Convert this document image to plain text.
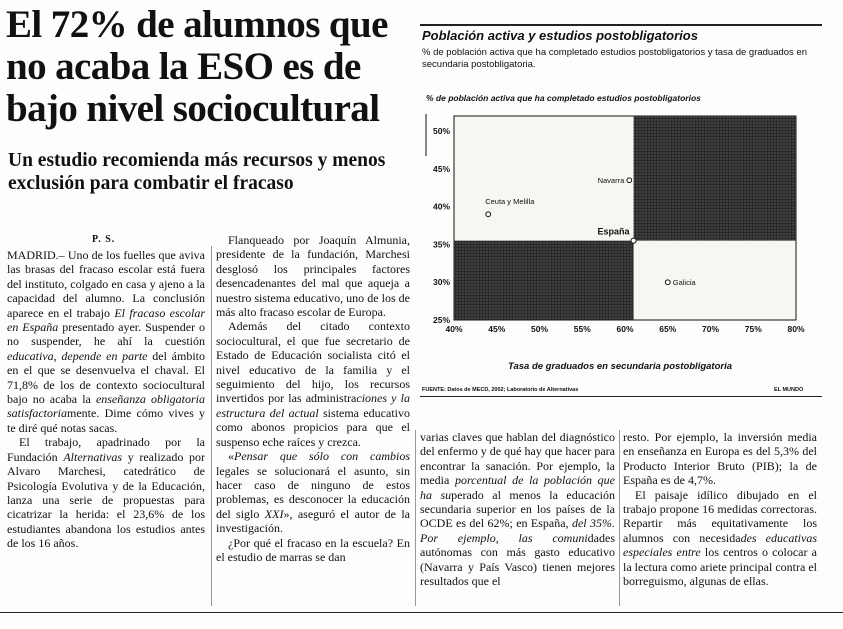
El 72% de alumnos que no acaba la ESO es de bajo nivel sociocultural
Un estudio recomienda más recursos y menos exclusión para combatir el fracaso
P. S.

MADRID.– Uno de los fuelles que aviva las brasas del fracaso escolar está fuera del instituto, colgado en casa y ajeno a la capacidad del alumno. La conclusión aparece en el trabajo El fracaso escolar en España presentado ayer. Suspender o no suspender, he ahí la cuestión educativa, depende en parte del ámbito en el que se desenvuelva el chaval. El 71,8% de los de contexto sociocultural bajo no acaba la enseñanza obligatoria satisfactoriamente. Dime cómo vives y te diré qué notas sacas.

El trabajo, apadrinado por la Fundación Alternativas y realizado por Alvaro Marchesi, catedrático de Psicología Evolutiva y de la Educación, lanza una serie de propuestas para cicatrizar la herida: el 23,6% de los estudiantes abandona los estudios antes de los 16 años.

Flanqueado por Joaquín Almunia, presidente de la fundación, Marchesi desglosó los principales factores desencadenantes del mal que aqueja a nuestro sistema educativo, uno de los de más alto fracaso escolar de Europa.

Además del citado contexto sociocultural, el que fue secretario de Estado de Educación socialista citó el nivel educativo de la familia y el seguimiento del hijo, los recursos invertidos por las administraciones y la estructura del actual sistema educativo como abonos propicios para que el suspenso eche raíces y crezca.

«Pensar que sólo con cambios legales se solucionará el asunto, sin hacer caso de ninguno de estos problemas, es desconocer la educación del siglo XXI», aseguró el autor de la investigación.

¿Por qué el fracaso en la escuela? En el estudio de marras se dan

varias claves que hablan del diagnóstico del enfermo y de qué hay que hacer para encontrar la sanación. Por ejemplo, la media porcentual de la población que ha superado al menos la educación secundaria superior en los países de la OCDE es del 62%; en España, del 35%. Por ejemplo, las comunidades autónomas con más gasto educativo (Navarra y País Vasco) tienen mejores resultados que el

resto. Por ejemplo, la inversión media en enseñanza en Europa es del 5,3% del Producto Interior Bruto (PIB); la de España es de 4,7%.

El paisaje idílico dibujado en el trabajo propone 16 medidas correctoras. Repartir más equitativamente los alumnos con necesidades educativas especiales entre los centros o colocar a la lectura como ariete principal contra el borreguismo, algunas de ellas.

Población activa y estudios postobligatorios
% de población activa que ha completado estudios postobligatorios y tasa de graduados en secundaria postobligatoria.
% de población activa que ha completado estudios postobligatorios
Tasa de graduados en secundaria postobligatoria
FUENTE: Datos de MECD, 2002; Laboratorio de Alternativas	EL MUNDO
40%	45%	50%	55%	60%	65%	70%	75%	80%
25%
30%
35%
40%
45%
50%
España
Navarra
Ceuta y Melilla
Galicia
